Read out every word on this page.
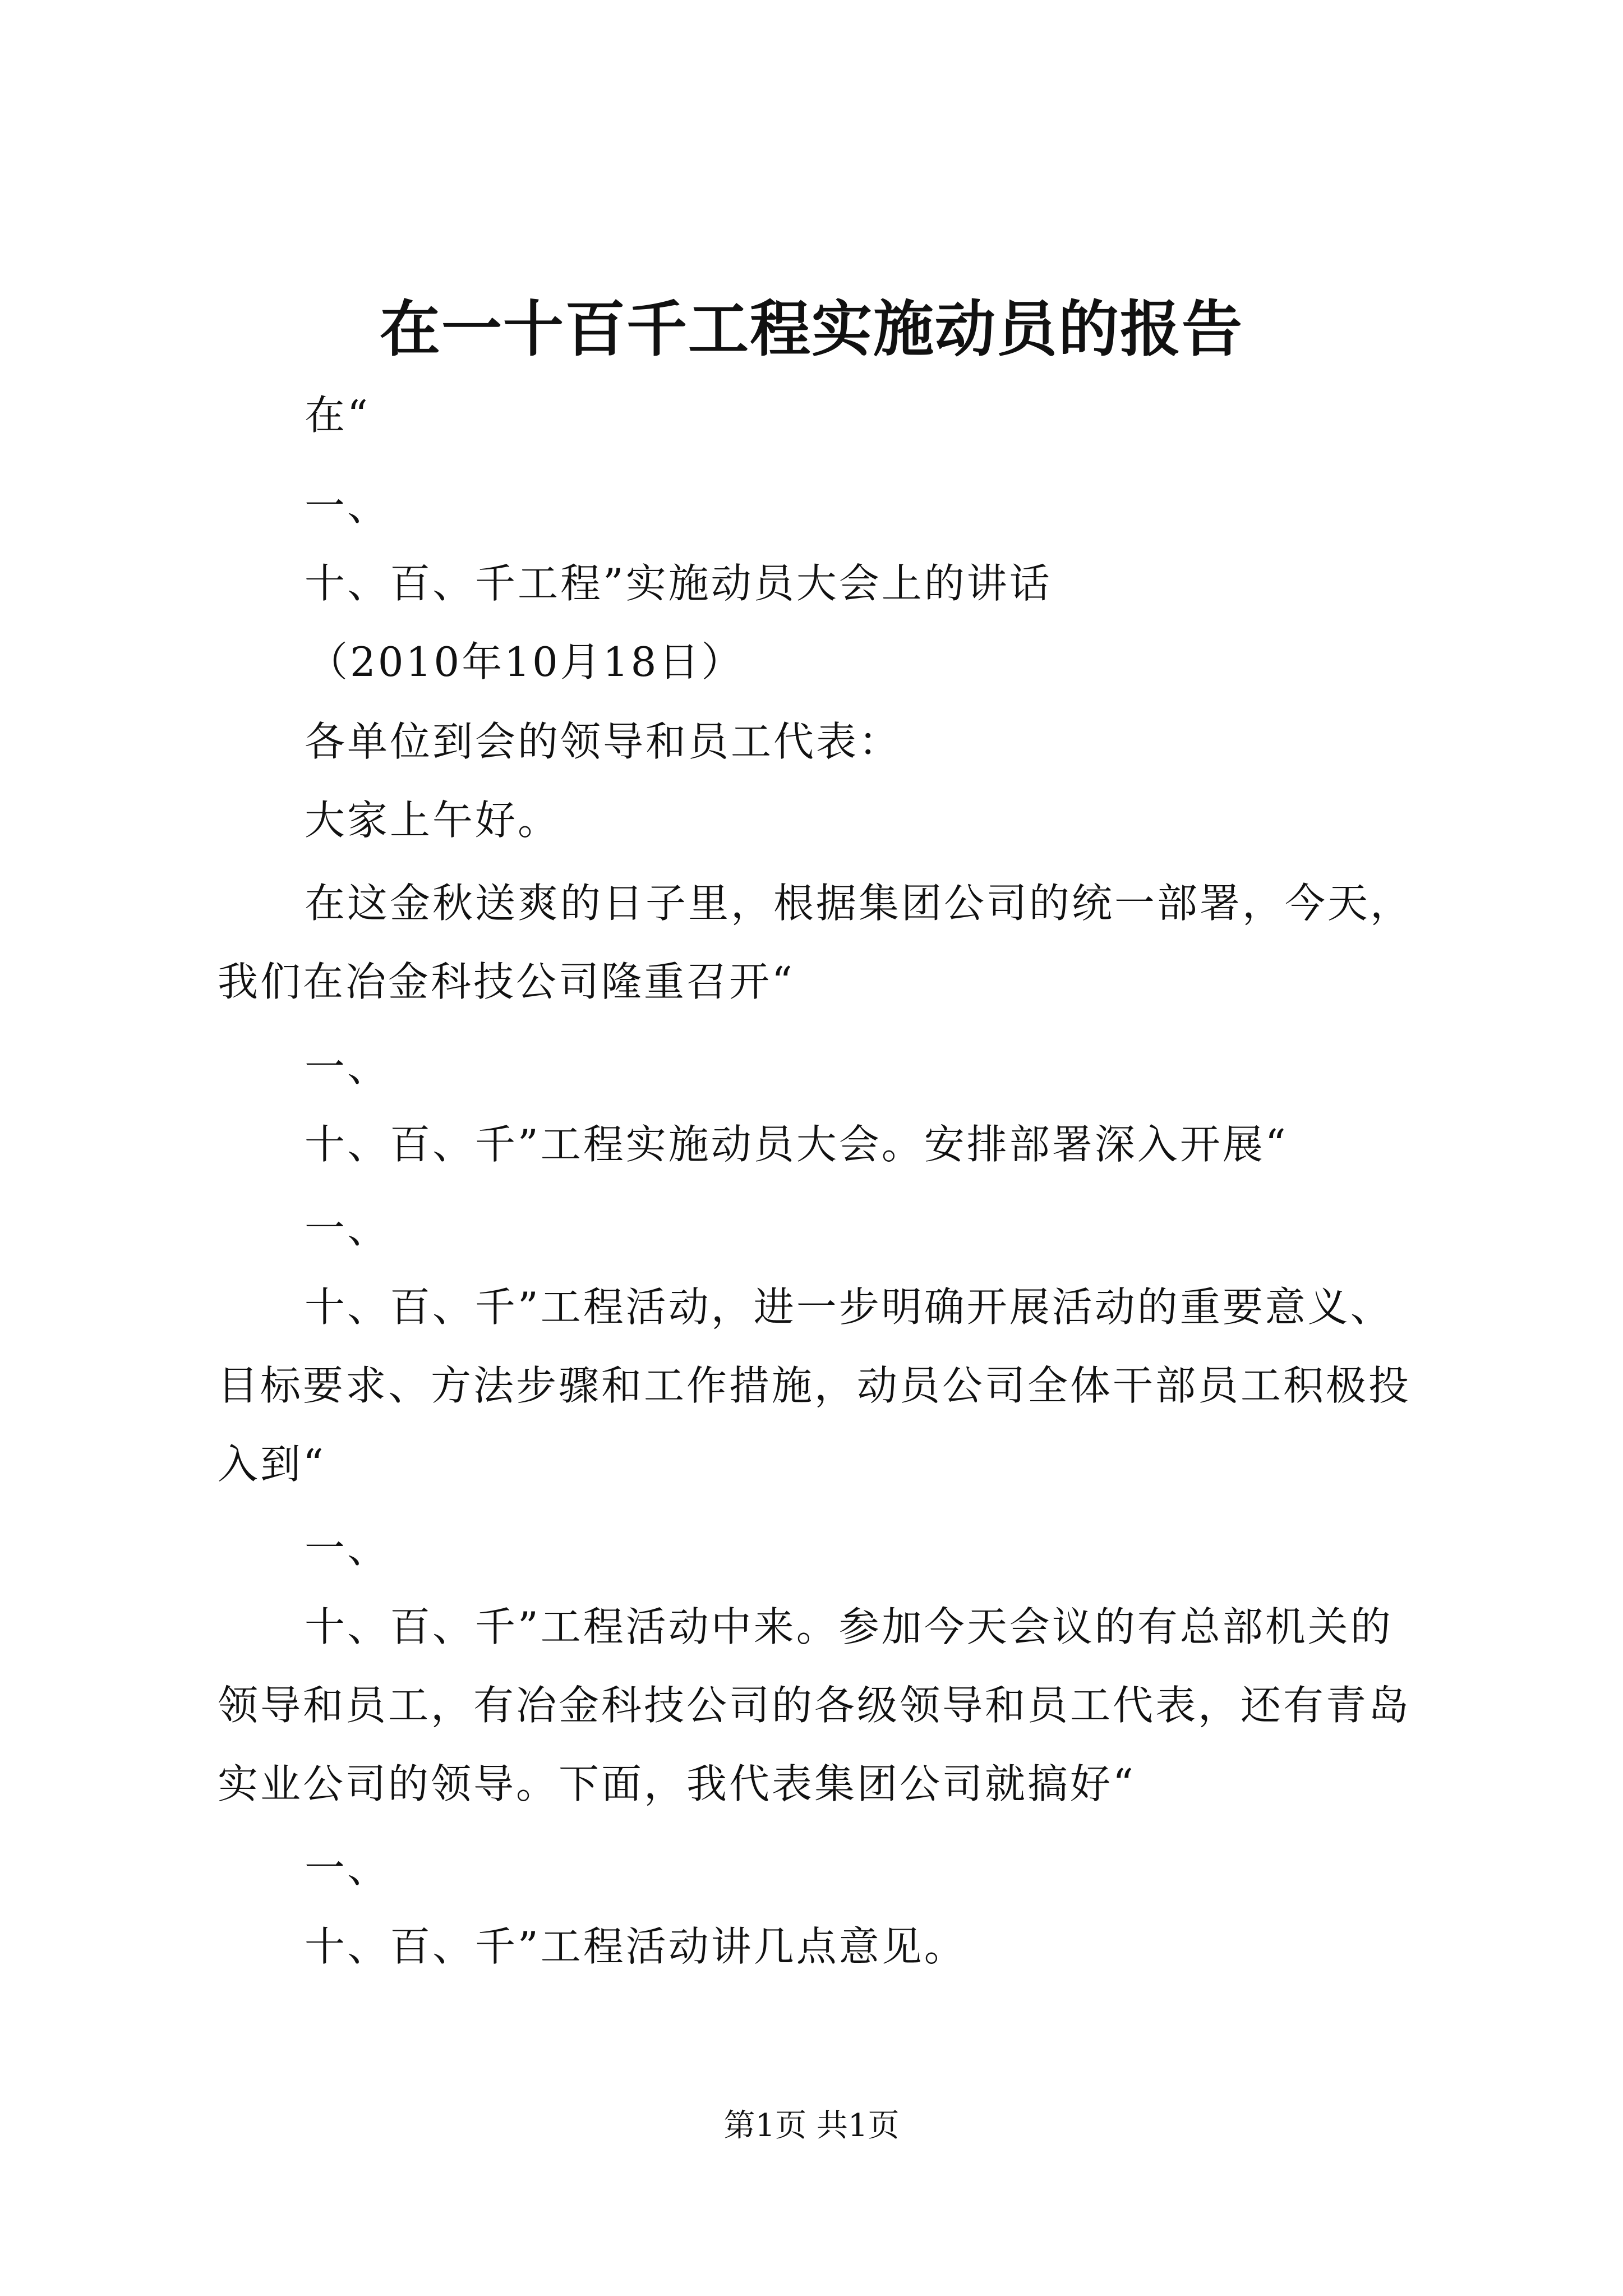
在一十百千工程实施动员的报告
在“
一、
十、百、千工程”实施动员大会上的讲话
（2010年10月18日）
各单位到会的领导和员工代表：
大家上午好。
在这金秋送爽的日子里，根据集团公司的统一部署，今天，
我们在冶金科技公司隆重召开“
一、
十、百、千”工程实施动员大会。安排部署深入开展“
一、
十、百、千”工程活动，进一步明确开展活动的重要意义、
目标要求、方法步骤和工作措施，动员公司全体干部员工积极投
入到“
一、
十、百、千”工程活动中来。参加今天会议的有总部机关的
领导和员工，有冶金科技公司的各级领导和员工代表，还有青岛
实业公司的领导。下面，我代表集团公司就搞好“
一、
十、百、千”工程活动讲几点意见。
第1页 共1页
